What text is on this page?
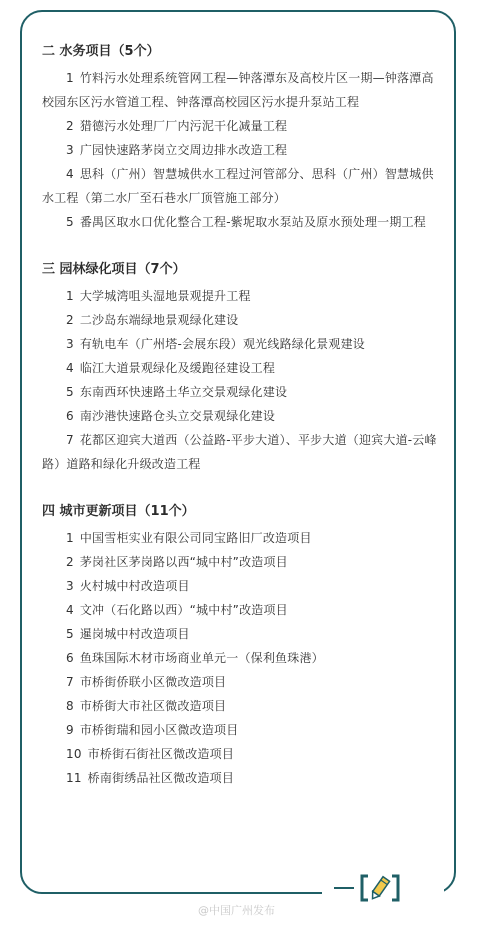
二 水务项目（5个）

1 竹料污水处理系统管网工程—钟落潭东及高校片区一期—钟落潭高校园东区污水管道工程、钟落潭高校园区污水提升泵站工程

2 猎德污水处理厂厂内污泥干化减量工程

3 广园快速路茅岗立交周边排水改造工程

4 思科（广州）智慧城供水工程过河管部分、思科（广州）智慧城供水工程（第二水厂至石巷水厂顶管施工部分）

5 番禺区取水口优化整合工程-紫坭取水泵站及原水预处理一期工程

三 园林绿化项目（7个）

1 大学城湾咀头湿地景观提升工程

2 二沙岛东端绿地景观绿化建设

3 有轨电车（广州塔-会展东段）观光线路绿化景观建设

4 临江大道景观绿化及缓跑径建设工程

5 东南西环快速路土华立交景观绿化建设

6 南沙港快速路仓头立交景观绿化建设

7 花都区迎宾大道西（公益路-平步大道）、平步大道（迎宾大道-云峰路）道路和绿化升级改造工程

四 城市更新项目（11个）

1 中国雪柜实业有限公司同宝路旧厂改造项目

2 茅岗社区茅岗路以西“城中村”改造项目

3 火村城中村改造项目

4 文冲（石化路以西）“城中村”改造项目

5 暹岗城中村改造项目

6 鱼珠国际木材市场商业单元一（保利鱼珠港）

7 市桥街侨联小区微改造项目

8 市桥街大市社区微改造项目

9 市桥街瑞和园小区微改造项目

10 市桥街石街社区微改造项目

11 桥南街绣品社区微改造项目

@中国广州发布
